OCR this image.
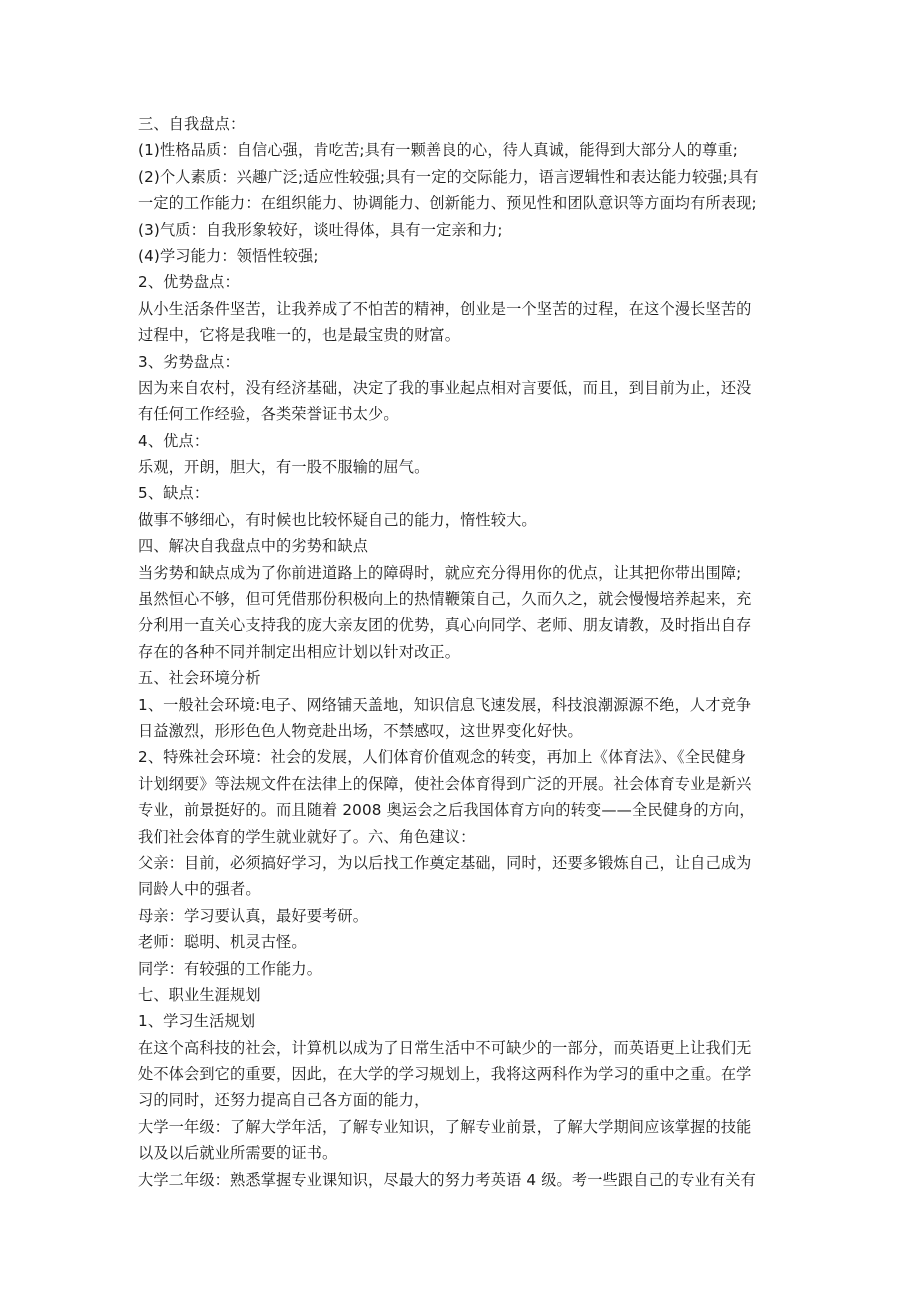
三、自我盘点：
(1)性格品质：自信心强，肯吃苦;具有一颗善良的心，待人真诚，能得到大部分人的尊重;
(2)个人素质：兴趣广泛;适应性较强;具有一定的交际能力，语言逻辑性和表达能力较强;具有
一定的工作能力：在组织能力、协调能力、创新能力、预见性和团队意识等方面均有所表现;
(3)气质：自我形象较好，谈吐得体，具有一定亲和力;
(4)学习能力：领悟性较强;
2、优势盘点：
从小生活条件坚苦，让我养成了不怕苦的精神，创业是一个坚苦的过程，在这个漫长坚苦的
过程中，它将是我唯一的，也是最宝贵的财富。
3、劣势盘点：
因为来自农村，没有经济基础，决定了我的事业起点相对言要低，而且，到目前为止，还没
有任何工作经验，各类荣誉证书太少。
4、优点：
乐观，开朗，胆大，有一股不服输的屈气。
5、缺点：
做事不够细心，有时候也比较怀疑自己的能力，惰性较大。
四、解决自我盘点中的劣势和缺点
当劣势和缺点成为了你前进道路上的障碍时，就应充分得用你的优点，让其把你带出围障;
虽然恒心不够，但可凭借那份积极向上的热情鞭策自己，久而久之，就会慢慢培养起来，充
分利用一直关心支持我的庞大亲友团的优势，真心向同学、老师、朋友请教，及时指出自存
存在的各种不同并制定出相应计划以针对改正。
五、社会环境分析
1、一般社会环境:电子、网络铺天盖地，知识信息飞速发展，科技浪潮源源不绝，人才竞争
日益激烈，形形色色人物竞赴出场，不禁感叹，这世界变化好快。
2、特殊社会环境：社会的发展，人们体育价值观念的转变，再加上《体育法》、《全民健身
计划纲要》等法规文件在法律上的保障，使社会体育得到广泛的开展。社会体育专业是新兴
专业，前景挺好的。而且随着 2008 奥运会之后我国体育方向的转变——全民健身的方向，
我们社会体育的学生就业就好了。六、角色建议：
父亲：目前，必须搞好学习，为以后找工作奠定基础，同时，还要多锻炼自己，让自己成为
同龄人中的强者。
母亲：学习要认真，最好要考研。
老师：聪明、机灵古怪。
同学：有较强的工作能力。
七、职业生涯规划
1、学习生活规划
在这个高科技的社会，计算机以成为了日常生活中不可缺少的一部分，而英语更上让我们无
处不体会到它的重要，因此，在大学的学习规划上，我将这两科作为学习的重中之重。在学
习的同时，还努力提高自己各方面的能力，
大学一年级：了解大学年活，了解专业知识，了解专业前景，了解大学期间应该掌握的技能
以及以后就业所需要的证书。
大学二年级：熟悉掌握专业课知识，尽最大的努力考英语 4 级。考一些跟自己的专业有关有
